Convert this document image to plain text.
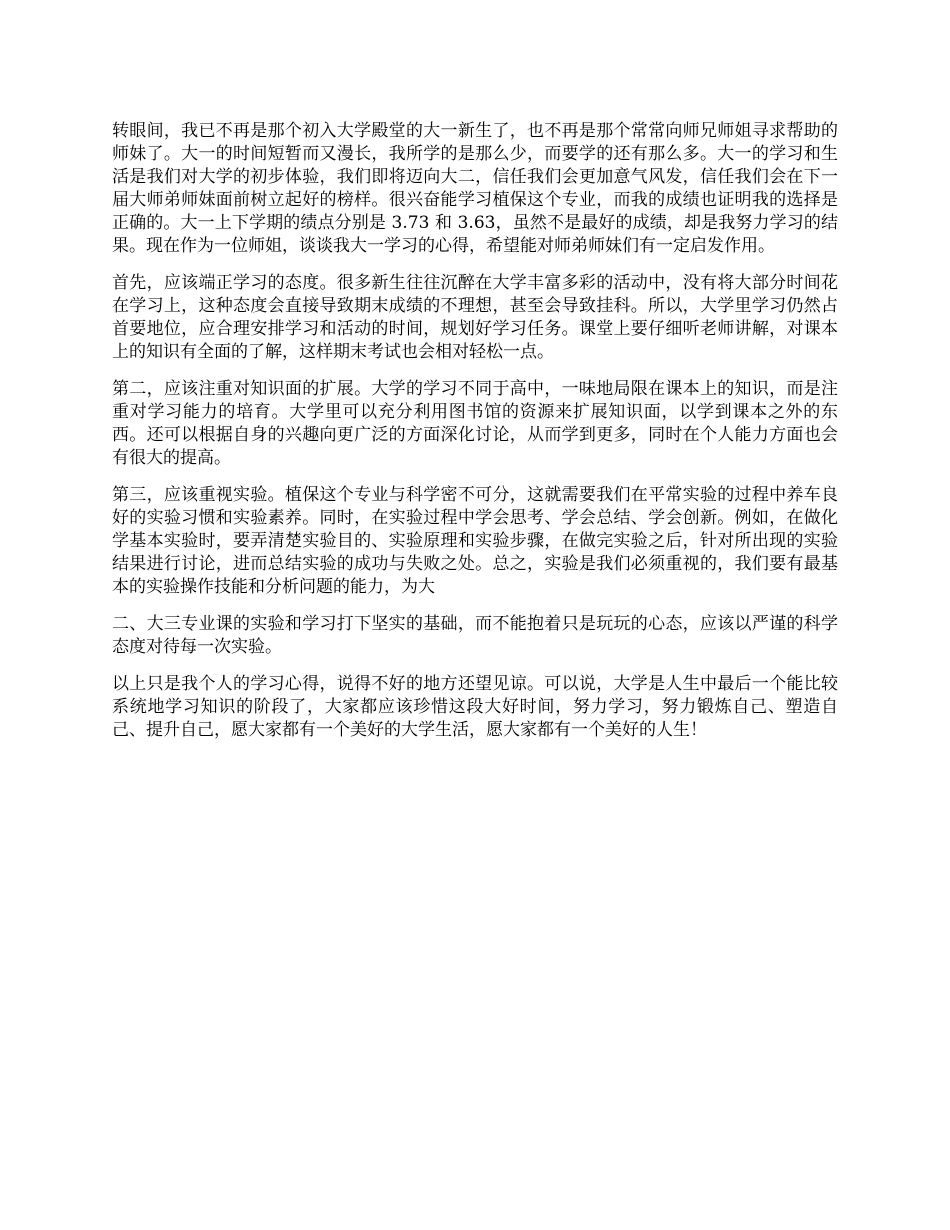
转眼间，我已不再是那个初入大学殿堂的大一新生了，也不再是那个常常向师兄师姐寻求帮助的师妹了。大一的时间短暂而又漫长，我所学的是那么少，而要学的还有那么多。大一的学习和生活是我们对大学的初步体验，我们即将迈向大二，信任我们会更加意气风发，信任我们会在下一届大师弟师妹面前树立起好的榜样。很兴奋能学习植保这个专业，而我的成绩也证明我的选择是正确的。大一上下学期的绩点分别是 3.73 和 3.63，虽然不是最好的成绩，却是我努力学习的结果。现在作为一位师姐，谈谈我大一学习的心得，希望能对师弟师妹们有一定启发作用。

首先，应该端正学习的态度。很多新生往往沉醉在大学丰富多彩的活动中，没有将大部分时间花在学习上，这种态度会直接导致期末成绩的不理想，甚至会导致挂科。所以，大学里学习仍然占首要地位，应合理安排学习和活动的时间，规划好学习任务。课堂上要仔细听老师讲解，对课本上的知识有全面的了解，这样期末考试也会相对轻松一点。

第二，应该注重对知识面的扩展。大学的学习不同于高中，一味地局限在课本上的知识，而是注重对学习能力的培育。大学里可以充分利用图书馆的资源来扩展知识面，以学到课本之外的东西。还可以根据自身的兴趣向更广泛的方面深化讨论，从而学到更多，同时在个人能力方面也会有很大的提高。

第三，应该重视实验。植保这个专业与科学密不可分，这就需要我们在平常实验的过程中养车良好的实验习惯和实验素养。同时，在实验过程中学会思考、学会总结、学会创新。例如，在做化学基本实验时，要弄清楚实验目的、实验原理和实验步骤，在做完实验之后，针对所出现的实验结果进行讨论，进而总结实验的成功与失败之处。总之，实验是我们必须重视的，我们要有最基本的实验操作技能和分析问题的能力，为大

二、大三专业课的实验和学习打下坚实的基础，而不能抱着只是玩玩的心态，应该以严谨的科学态度对待每一次实验。

以上只是我个人的学习心得，说得不好的地方还望见谅。可以说，大学是人生中最后一个能比较系统地学习知识的阶段了，大家都应该珍惜这段大好时间，努力学习，努力锻炼自己、塑造自己、提升自己，愿大家都有一个美好的大学生活，愿大家都有一个美好的人生！
